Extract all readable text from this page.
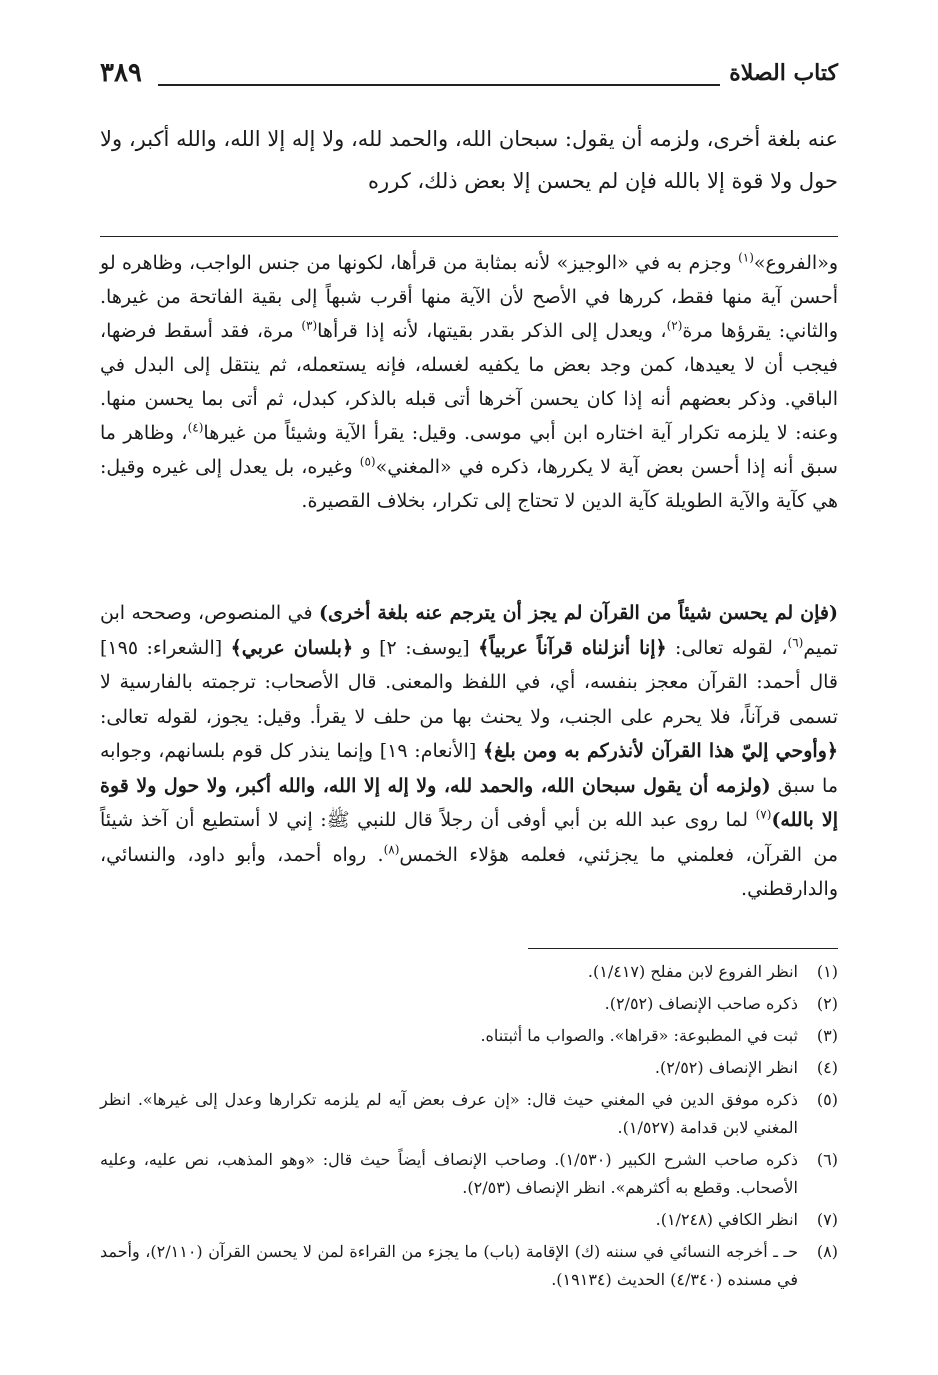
كتاب الصلاة
٣٨٩
عنه بلغة أخرى، ولزمه أن يقول: سبحان الله، والحمد لله، ولا إله إلا الله، والله أكبر، ولا حول ولا قوة إلا بالله فإن لم يحسن إلا بعض ذلك، كرره
و«الفروع»$^{(١)}$ وجزم به في «الوجيز» لأنه بمثابة من قرأها، لكونها من جنس الواجب، وظاهره لو أحسن آية منها فقط، كررها في الأصح لأن الآية منها أقرب شبهاً إلى بقية الفاتحة من غيرها. والثاني: يقرؤها مرة$^{(٢)}$، ويعدل إلى الذكر بقدر بقيتها، لأنه إذا قرأها$^{(٣)}$ مرة، فقد أسقط فرضها، فيجب أن لا يعيدها، كمن وجد بعض ما يكفيه لغسله، فإنه يستعمله، ثم ينتقل إلى البدل في الباقي. وذكر بعضهم أنه إذا كان يحسن آخرها أتى قبله بالذكر، كبدل، ثم أتى بما يحسن منها. وعنه: لا يلزمه تكرار آية اختاره ابن أبي موسى. وقيل: يقرأ الآية وشيئاً من غيرها$^{(٤)}$، وظاهر ما سبق أنه إذا أحسن بعض آية لا يكررها، ذكره في «المغني»$^{(٥)}$ وغيره، بل يعدل إلى غيره وقيل: هي كآية والآية الطويلة كآية الدين لا تحتاج إلى تكرار، بخلاف القصيرة.
(فإن لم يحسن شيئاً من القرآن لم يجز أن يترجم عنه بلغة أخرى) في المنصوص، وصححه ابن تميم$^{(٦)}$، لقوله تعالى: ﴿إنا أنزلناه قرآناً عربياً﴾ [يوسف: ٢] و ﴿بلسان عربي﴾ [الشعراء: ١٩٥] قال أحمد: القرآن معجز بنفسه، أي، في اللفظ والمعنى. قال الأصحاب: ترجمته بالفارسية لا تسمى قرآناً، فلا يحرم على الجنب، ولا يحنث بها من حلف لا يقرأ. وقيل: يجوز، لقوله تعالى: ﴿وأوحي إليّ هذا القرآن لأنذركم به ومن بلغ﴾ [الأنعام: ١٩] وإنما ينذر كل قوم بلسانهم، وجوابه ما سبق (ولزمه أن يقول سبحان الله، والحمد لله، ولا إله إلا الله، والله أكبر، ولا حول ولا قوة إلا بالله)$^{(٧)}$ لما روى عبد الله بن أبي أوفى أن رجلاً قال للنبي ﷺ: إني لا أستطيع أن آخذ شيئاً من القرآن، فعلمني ما يجزئني، فعلمه هؤلاء الخمس$^{(٨)}$. رواه أحمد، وأبو داود، والنسائي، والدارقطني.
(١)
انظر الفروع لابن مفلح (١/٤١٧).
(٢)
ذكره صاحب الإنصاف (٢/٥٢).
(٣)
ثبت في المطبوعة: «قراها». والصواب ما أثبتناه.
(٤)
انظر الإنصاف (٢/٥٢).
(٥)
ذكره موفق الدين في المغني حيث قال: «إن عرف بعض آيه لم يلزمه تكرارها وعدل إلى غيرها». انظر المغني لابن قدامة (١/٥٢٧).
(٦)
ذكره صاحب الشرح الكبير (١/٥٣٠). وصاحب الإنصاف أيضاً حيث قال: «وهو المذهب، نص عليه، وعليه الأصحاب. وقطع به أكثرهم». انظر الإنصاف (٢/٥٣).
(٧)
انظر الكافي (١/٢٤٨).
(٨)
حـ ـ أخرجه النسائي في سننه (ك) الإقامة (باب) ما يجزء من القراءة لمن لا يحسن القرآن (٢/١١٠)، وأحمد في مسنده (٤/٣٤٠) الحديث (١٩١٣٤).
